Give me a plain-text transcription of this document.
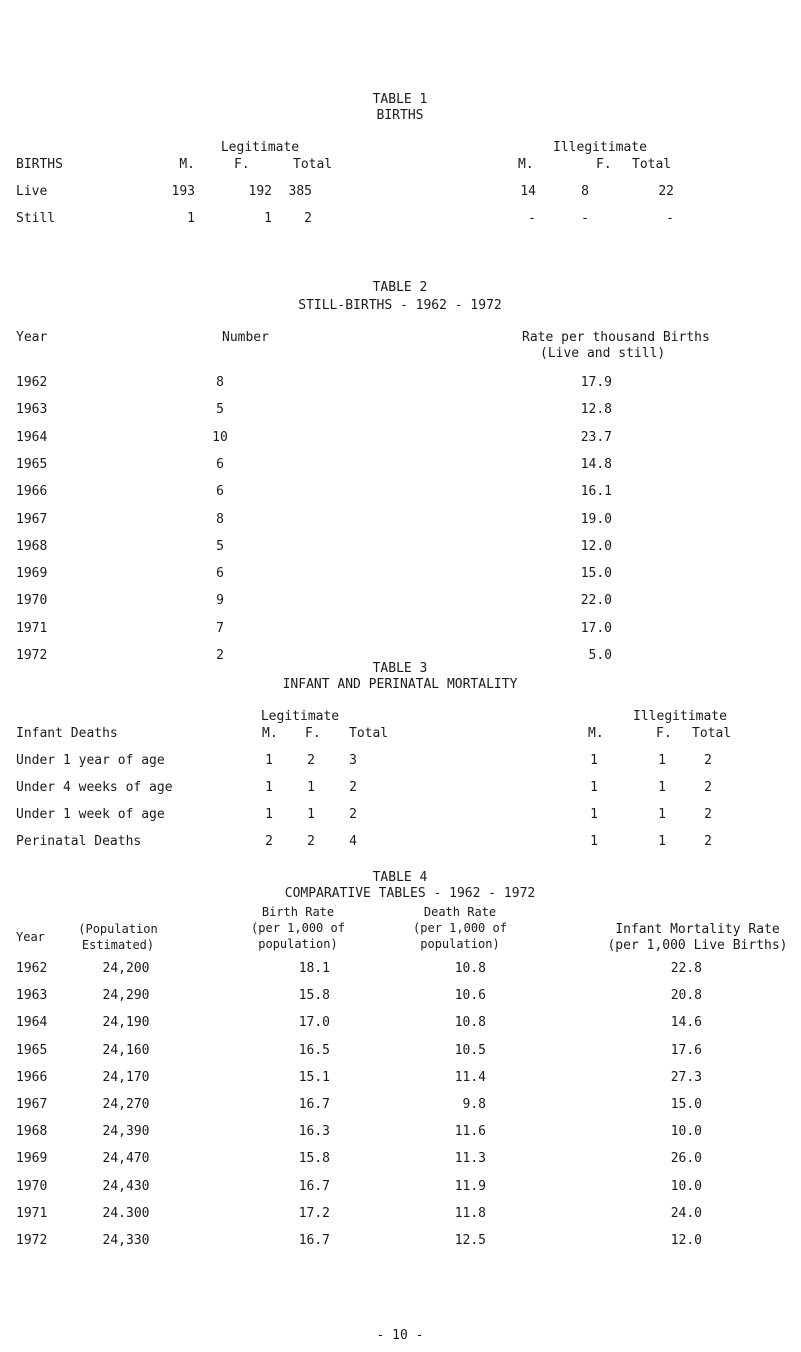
TABLE 1
BIRTHS
Legitimate	Illegitimate
BIRTHS	M.	F.	Total	M.	F. Total
Live	193	192	385	14	8	22
Still	1	1	2	-	-	-
TABLE 2
STILL-BIRTHS - 1962 - 1972
Year	Number	Rate per thousand Births
(Live and still)
1962	8	17.9
1963	5	12.8
1964	10	23.7
1965	6	14.8
1966	6	16.1
1967	8	19.0
1968	5	12.0
1969	6	15.0
1970	9	22.0
1971	7	17.0
1972	2	5.0
TABLE 3
INFANT AND PERINATAL MORTALITY
Legitimate	Illegitimate
Infant Deaths	M. F. Total	M.	F. Total
Under 1 year of age	1	2	3	1	1	2
Under 4 weeks of age	1	1	2	1	1	2
Under 1 week of age	1	1	2	1	1	2
Perinatal Deaths	2	2	4	1	1	2
TABLE 4
COMPARATIVE TABLES - 1962 - 1972
Year
(Population
Estimated)
Birth Rate
(per 1,000 of
population)
Death Rate
(per 1,000 of
population)
Infant Mortality Rate
(per 1,000 Live Births)
1962	24,200	18.1	10.8	22.8
1963	24,290	15.8	10.6	20.8
1964	24,190	17.0	10.8	14.6
1965	24,160	16.5	10.5	17.6
1966	24,170	15.1	11.4	27.3
1967	24,270	16.7	9.8	15.0
1968	24,390	16.3	11.6	10.0
1969	24,470	15.8	11.3	26.0
1970	24,430	16.7	11.9	10.0
1971	24.300	17.2	11.8	24.0
1972	24,330	16.7	12.5	12.0
- 10 -
